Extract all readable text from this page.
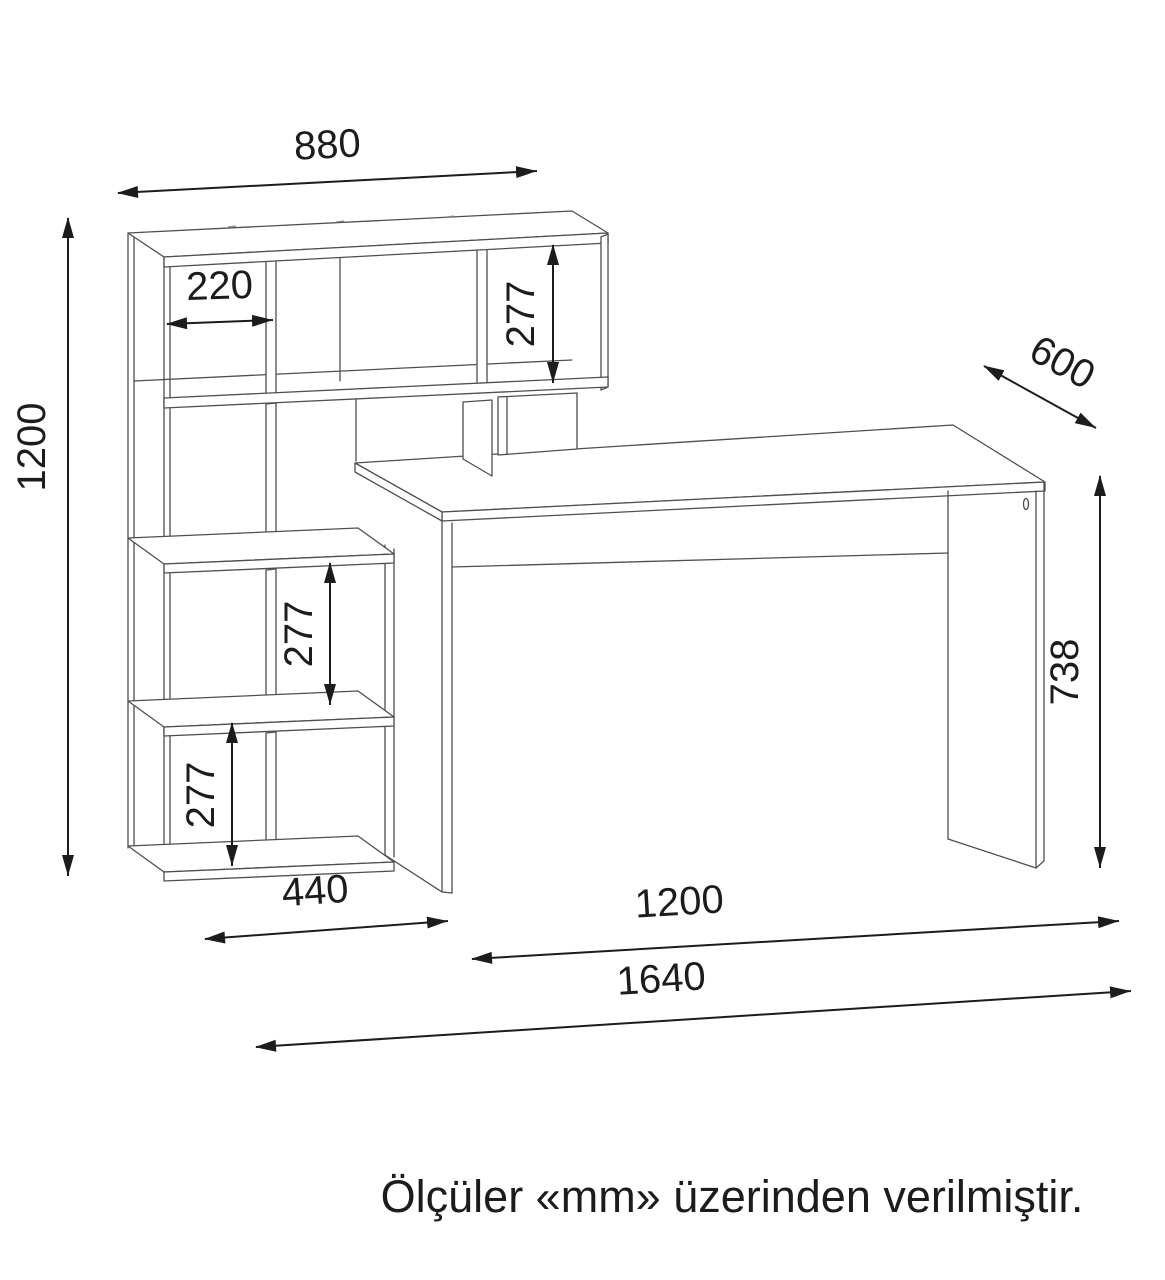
880
1200
220	277
600
738
277
277
440	1200
1640
Ölçüler «mm» üzerinden verilmiştir.
